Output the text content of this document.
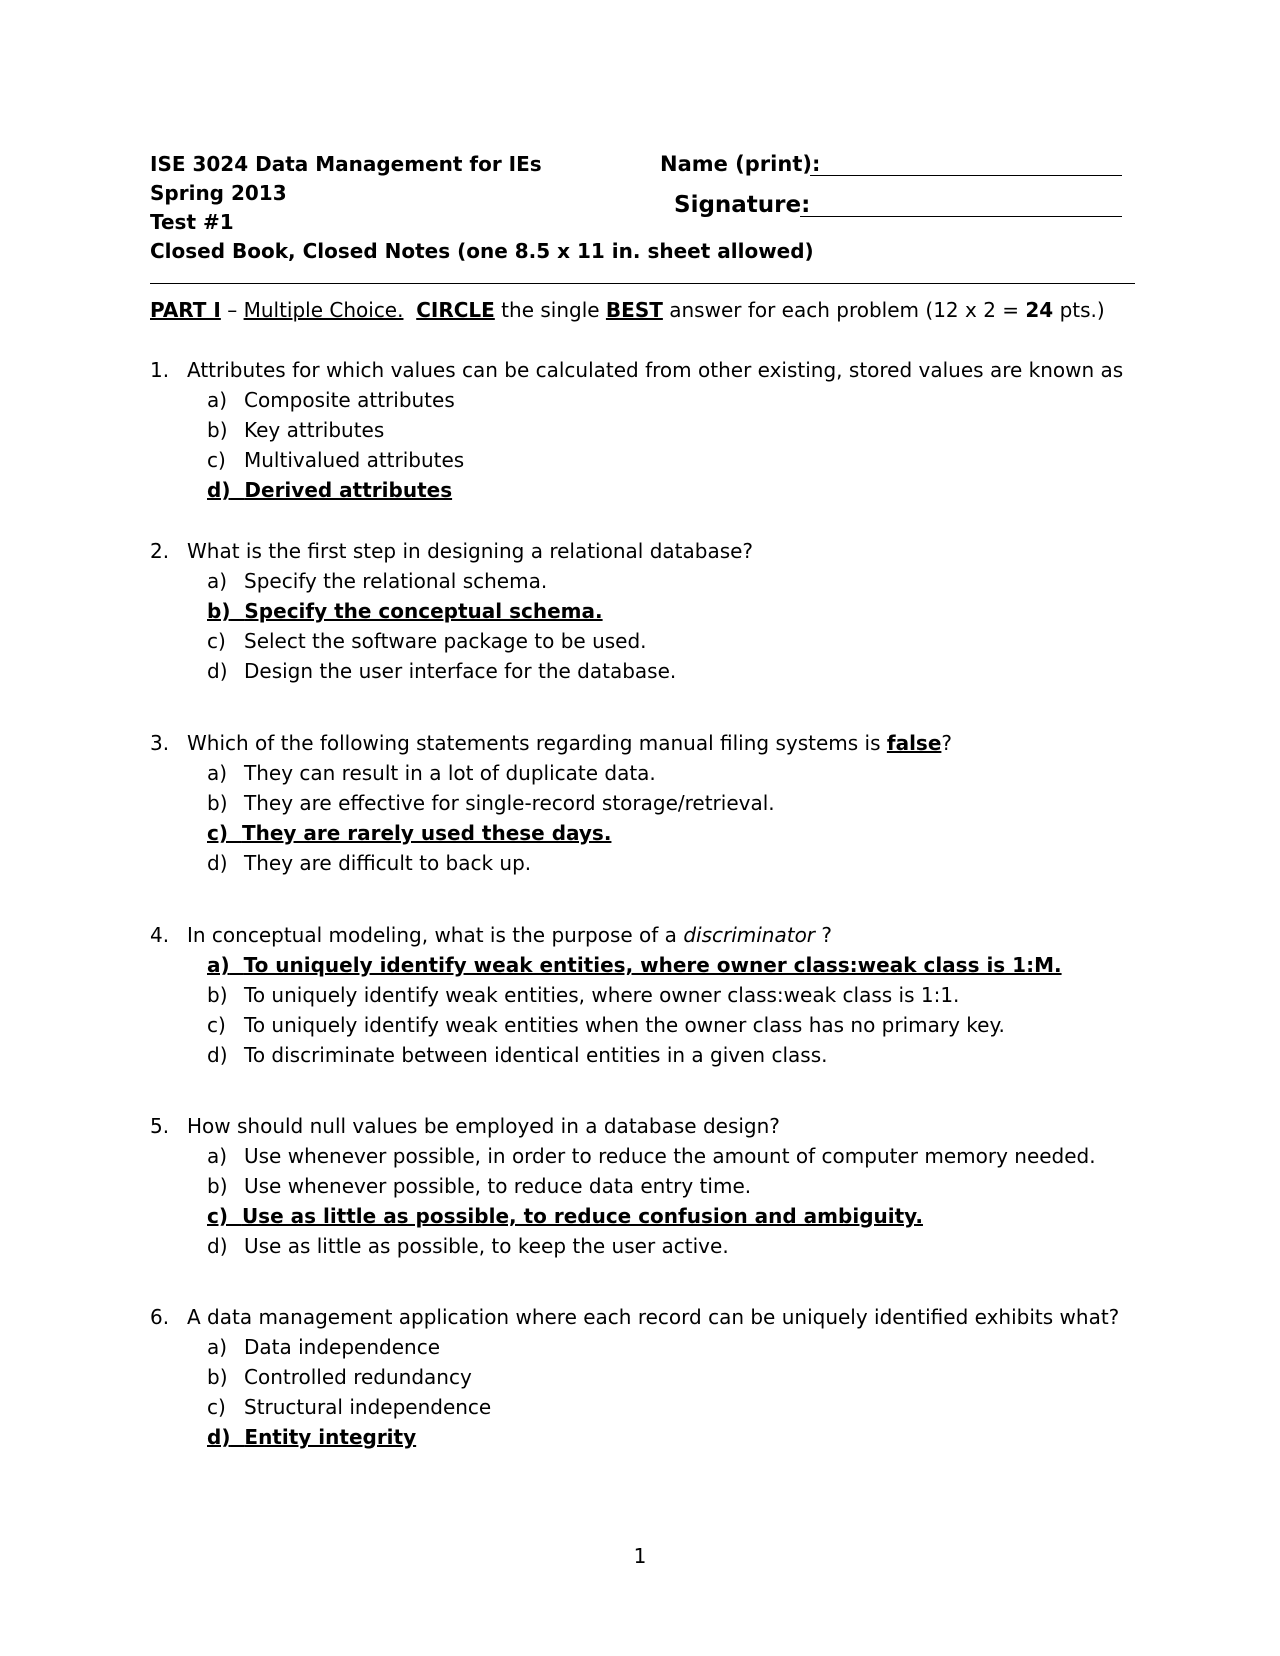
ISE 3024 Data Management for IEs
Spring 2013
Test #1
Closed Book, Closed Notes (one 8.5 x 11 in. sheet allowed)
Name (print):
Signature:
PART I – Multiple Choice. CIRCLE the single BEST answer for each problem (12 x 2 = 24 pts.)
1. Attributes for which values can be calculated from other existing, stored values are known as
a) Composite attributes
b) Key attributes
c) Multivalued attributes
d) Derived attributes
2. What is the first step in designing a relational database?
a) Specify the relational schema.
b) Specify the conceptual schema.
c) Select the software package to be used.
d) Design the user interface for the database.
3. Which of the following statements regarding manual filing systems is false?
a) They can result in a lot of duplicate data.
b) They are effective for single-record storage/retrieval.
c) They are rarely used these days.
d) They are difficult to back up.
4. In conceptual modeling, what is the purpose of a discriminator ?
a) To uniquely identify weak entities, where owner class:weak class is 1:M.
b) To uniquely identify weak entities, where owner class:weak class is 1:1.
c) To uniquely identify weak entities when the owner class has no primary key.
d) To discriminate between identical entities in a given class.
5. How should null values be employed in a database design?
a) Use whenever possible, in order to reduce the amount of computer memory needed.
b) Use whenever possible, to reduce data entry time.
c) Use as little as possible, to reduce confusion and ambiguity.
d) Use as little as possible, to keep the user active.
6. A data management application where each record can be uniquely identified exhibits what?
a) Data independence
b) Controlled redundancy
c) Structural independence
d) Entity integrity
1
